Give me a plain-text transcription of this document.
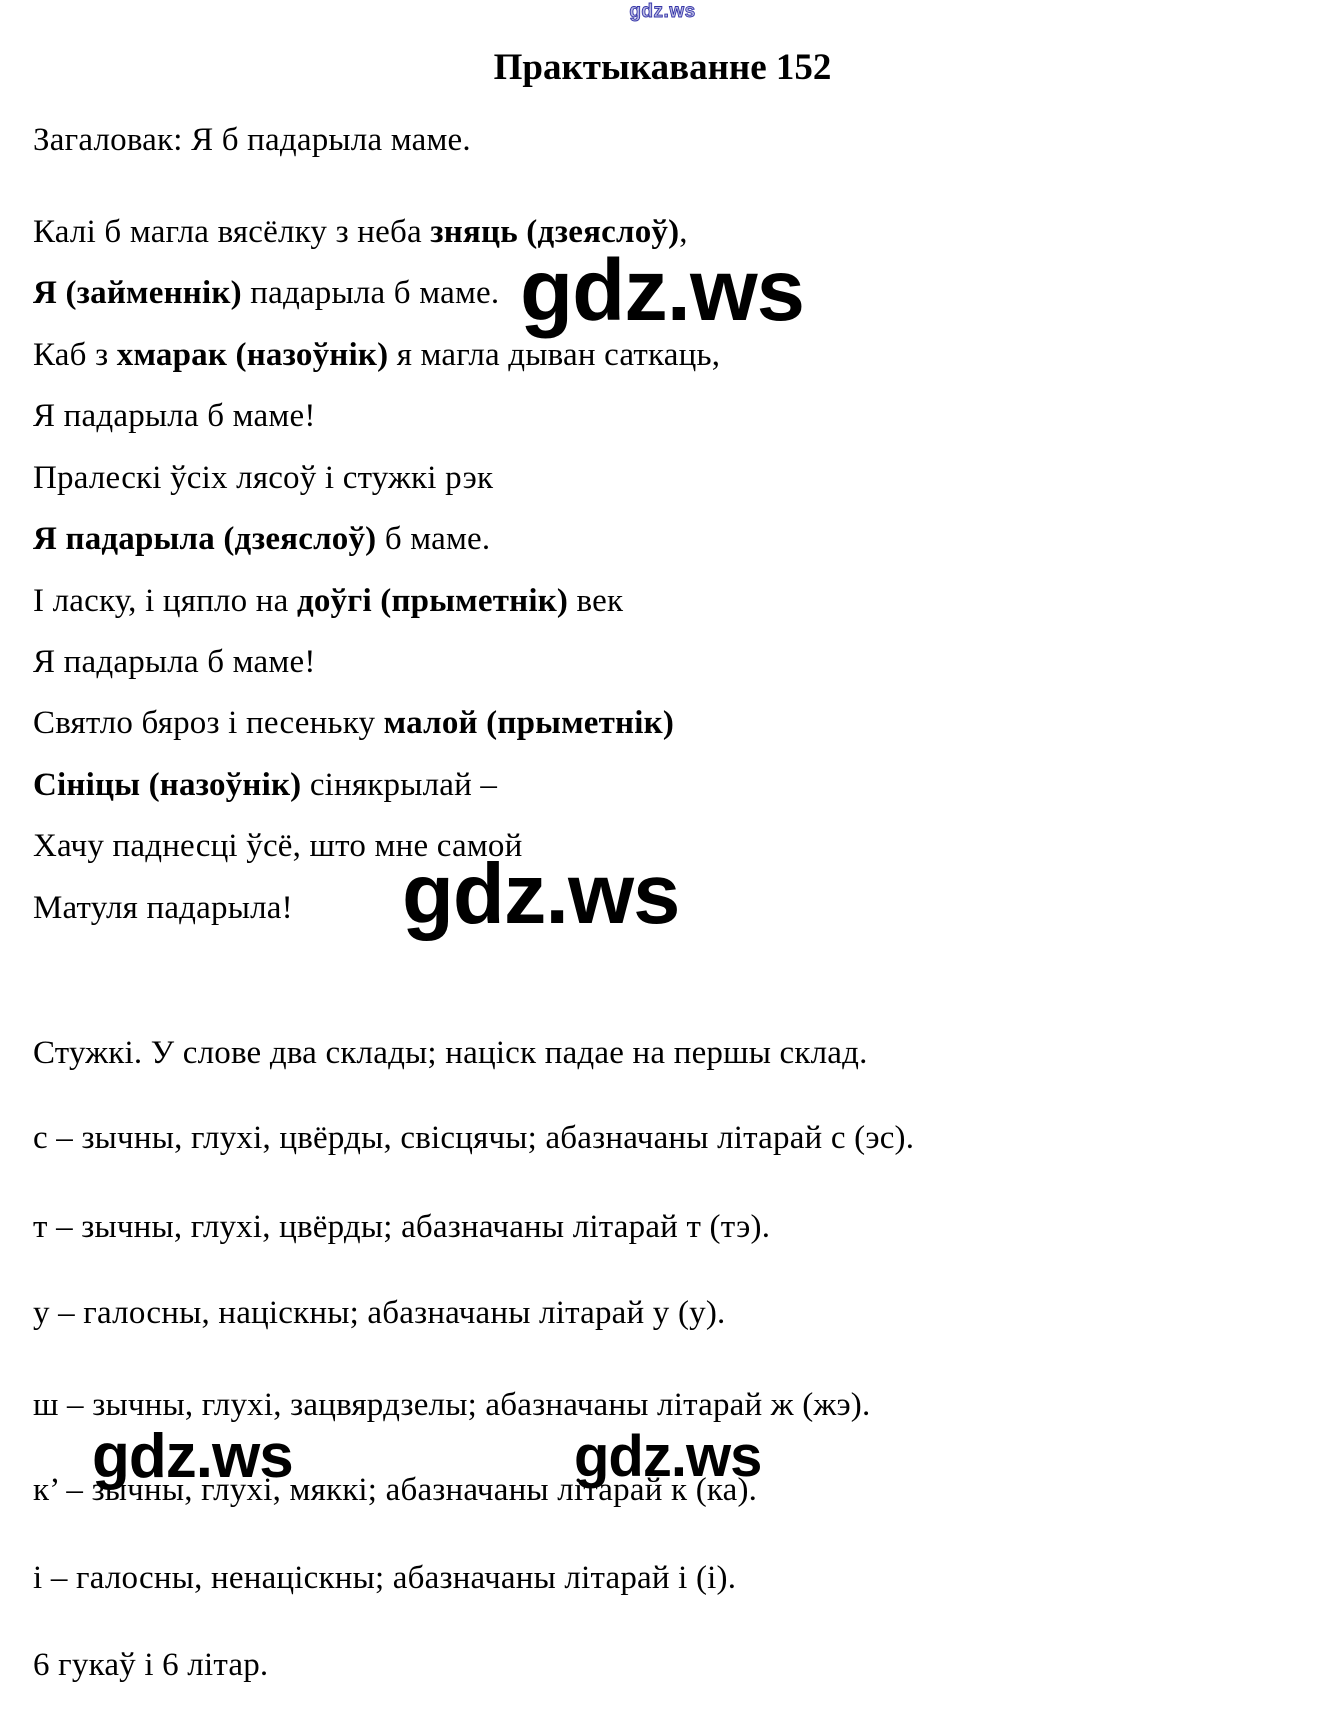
gdz.ws
Практыкаванне 152
Загаловак: Я б падарыла маме.
Калі б магла вясёлку з неба зняць (дзеяслоў),
Я (займеннік) падарыла б маме.
Каб з хмарак (назоўнік) я магла дыван саткаць,
Я падарыла б маме!
Пралескі ўсіх лясоў і стужкі рэк
Я падарыла (дзеяслоў) б маме.
І ласку, і цяпло на доўгі (прыметнік) век
Я падарыла б маме!
Святло бяроз і песеньку малой (прыметнік)
Сініцы (назоўнік) сінякрылай –
Хачу паднесці ўсё, што мне самой
Матуля падарыла!
Стужкі. У слове два склады; націск падае на першы склад.
с – зычны, глухі, цвёрды, свісцячы; абазначаны літарай с (эс).
т – зычны, глухі, цвёрды; абазначаны літарай т (тэ).
у – галосны, націскны; абазначаны літарай у (у).
ш – зычны, глухі, зацвярдзелы; абазначаны літарай ж (жэ).
к’ – зычны, глухі, мяккі; абазначаны літарай к (ка).
і – галосны, ненаціскны; абазначаны літарай і (і).
6 гукаў і 6 літар.
gdz.ws
gdz.ws
gdz.ws	gdz.ws
